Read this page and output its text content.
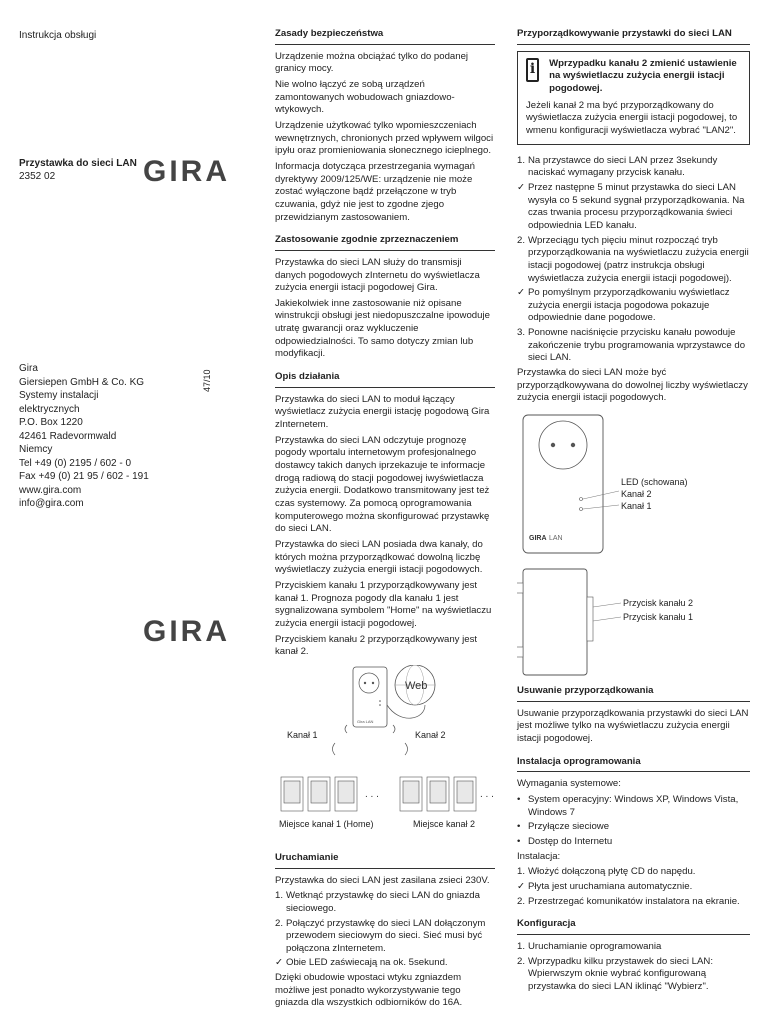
Instrukcja obsługi
Przystawka do sieci LAN
2352 02	GIRA
47/10
Gira
Giersiepen GmbH & Co. KG
Systemy instalacji
elektrycznych
P.O. Box 1220
42461 Radevormwald
Niemcy
Tel +49 (0) 2195 / 602 - 0
Fax +49 (0) 21 95 / 602 - 191
www.gira.com
info@gira.com
GIRA
Zasady bezpieczeństwa

Urządzenie można obciążać tylko do podanej granicy mocy.

Nie wolno łączyć ze sobą urządzeń zamontowanych wobudowach gniazdowo-wtykowych.

Urządzenie użytkować tylko wpomieszczeniach wewnętrznych, chronionych przed wpływem wilgoci ipyłu oraz promieniowania słonecznego icieplnego.

Informacja dotycząca przestrzegania wymagań dyrektywy 2009/125/WE: urządzenie nie może zostać wyłączone bądź przełączone w tryb czuwania, gdyż nie jest to zgodne zjego przewidzianym zastosowaniem.

Zastosowanie zgodnie zprzeznaczeniem

Przystawka do sieci LAN służy do transmisji danych pogodowych zInternetu do wyświetlacza zużycia energii istacji pogodowej Gira.

Jakiekolwiek inne zastosowanie niż opisane winstrukcji obsługi jest niedopuszczalne ipowoduje utratę gwarancji oraz wykluczenie odpowiedzialności. To samo dotyczy zmian lub modyfikacji.

Opis działania

Przystawka do sieci LAN to moduł łączący wyświetlacz zużycia energii istację pogodową Gira zInternetem.

Przystawka do sieci LAN odczytuje prognozę pogody wportalu internetowym profesjonalnego dostawcy takich danych iprzekazuje te informacje drogą radiową do stacji pogodowej iwyświetlacza zużycia energii. Dodatkowo transmitowany jest też czas systemowy. Za pomocą oprogramowania komputerowego można skonfigurować przystawkę do sieci LAN.

Przystawka do sieci LAN posiada dwa kanały, do których można przyporządkować dowolną liczbę wyświetlaczy zużycia energii istacji pogodowych.

Przyciskiem kanału 1 przyporządkowywany jest kanał 1. Prognoza pogody dla kanału 1 jest sygnalizowana symbolem "Home" na wyświetlaczu zużycia energii istacji pogodowej.

Przyciskiem kanału 2 przyporządkowywany jest kanał 2.

Gira LAN
Web
Kanał 1	Kanał 2
. . .	. . .
Miejsce kanał 1 (Home)	Miejsce kanał 2
Uruchamianie

Przystawka do sieci LAN jest zasilana zsieci 230V.

1. Wetknąć przystawkę do sieci LAN do gniazda sieciowego.
2. Połączyć przystawkę do sieci LAN dołączonym przewodem sieciowym do sieci. Sieć musi być połączona zInternetem.
✓ Obie LED zaświecają na ok. 5sekund.

Dzięki obudowie wpostaci wtyku zgniazdem możliwe jest ponadto wykorzystywanie tego gniazda dla wszystkich odbiorników do 16A.

Przyporządkowywanie przystawki do sieci LAN
i	Wprzypadku kanału 2 zmienić ustawienie na wyświetlaczu zużycia energii istacji pogodowej.
Jeżeli kanał 2 ma być przyporządkowany do wyświetlacza zużycia energii istacji pogodowej, to wmenu konfiguracji wyświetlacza wybrać "LAN2".
1. Na przystawce do sieci LAN przez 3sekundy naciskać wymagany przycisk kanału.
✓ Przez następne 5 minut przystawka do sieci LAN wysyła co 5 sekund sygnał przyporządkowania. Na czas trwania procesu przyporządkowania świeci odpowiednia LED kanału.
2. Wprzeciągu tych pięciu minut rozpocząć tryb przyporządkowania na wyświetlaczu zużycia energii istacji pogodowej (patrz instrukcja obsługi wyświetlacza zużycia energii istacji pogodowej).
✓ Po pomyślnym przyporządkowaniu wyświetlacz zużycia energii istacja pogodowa pokazuje odpowiednie dane pogodowe.
3. Ponowne naciśnięcie przycisku kanału powoduje zakończenie trybu programowania wprzystawce do sieci LAN.

Przystawka do sieci LAN może być przyporządkowywana do dowolnej liczby wyświetlaczy zużycia energii istacji pogodowych.

GIRA LAN
LED (schowana)
Kanał 2
Kanał 1
Przycisk kanału 2
Przycisk kanału 1
Usuwanie przyporządkowania

Usuwanie przyporządkowania przystawki do sieci LAN jest możliwe tylko na wyświetlaczu zużycia energii istacji pogodowej.

Instalacja oprogramowania

Wymagania systemowe:

• System operacyjny: Windows XP, Windows Vista, Windows 7
• Przyłącze sieciowe
• Dostęp do Internetu

Instalacja:

1. Włożyć dołączoną płytę CD do napędu.
✓ Płyta jest uruchamiana automatycznie.
2. Przestrzegać komunikatów instalatora na ekranie.
Konfiguracja
1. Uruchamianie oprogramowania
2. Wprzypadku kilku przystawek do sieci LAN: Wpierwszym oknie wybrać konfigurowaną przystawka do sieci LAN iklinąć "Wybierz".
